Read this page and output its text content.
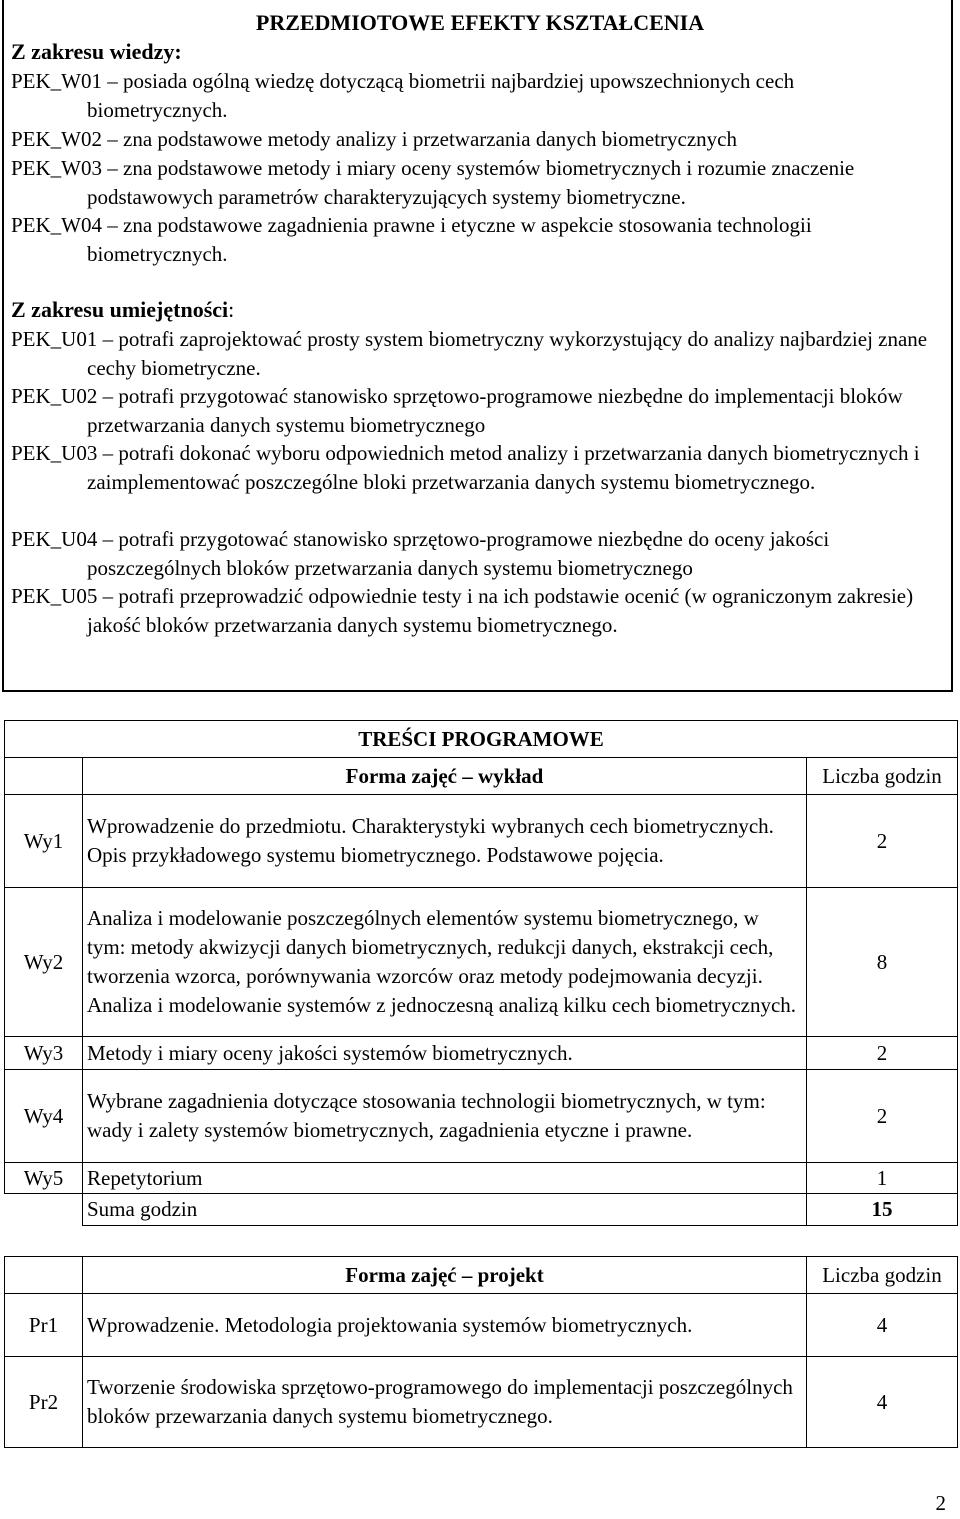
PRZEDMIOTOWE EFEKTY KSZTAŁCENIA

Z zakresu wiedzy:

PEK_W01 – posiada ogólną wiedzę dotyczącą biometrii najbardziej upowszechnionych cech biometrycznych.

PEK_W02 – zna podstawowe metody analizy i przetwarzania danych biometrycznych

PEK_W03 – zna podstawowe metody i miary oceny systemów biometrycznych i rozumie znaczenie podstawowych parametrów charakteryzujących systemy biometryczne.

PEK_W04 – zna podstawowe zagadnienia prawne i etyczne w aspekcie stosowania technologii biometrycznych.

Z zakresu umiejętności:

PEK_U01 – potrafi zaprojektować prosty system biometryczny wykorzystujący do analizy najbardziej znane cechy biometryczne.

PEK_U02 – potrafi przygotować stanowisko sprzętowo-programowe niezbędne do implementacji bloków przetwarzania danych systemu biometrycznego

PEK_U03 – potrafi dokonać wyboru odpowiednich metod analizy i przetwarzania danych biometrycznych i zaimplementować poszczególne bloki przetwarzania danych systemu biometrycznego.

PEK_U04 – potrafi przygotować stanowisko sprzętowo-programowe niezbędne do oceny jakości poszczególnych bloków przetwarzania danych systemu biometrycznego

PEK_U05 – potrafi przeprowadzić odpowiednie testy i na ich podstawie ocenić (w ograniczonym zakresie) jakość bloków przetwarzania danych systemu biometrycznego.

TREŚCI PROGRAMOWE		
	Forma zajęć – wykład	Liczba godzin
Wy1	Wprowadzenie do przedmiotu. Charakterystyki wybranych cech biometrycznych. Opis przykładowego systemu biometrycznego. Podstawowe pojęcia.	2
Wy2	Analiza i modelowanie poszczególnych elementów systemu biometrycznego, w tym: metody akwizycji danych biometrycznych, redukcji danych, ekstrakcji cech, tworzenia wzorca, porównywania wzorców oraz metody podejmowania decyzji. Analiza i modelowanie systemów z jednoczesną analizą kilku cech biometrycznych.	8
Wy3	Metody i miary oceny jakości systemów biometrycznych.	2
Wy4	Wybrane zagadnienia dotyczące stosowania technologii biometrycznych, w tym: wady i zalety systemów biometrycznych, zagadnienia etyczne i prawne.	2
Wy5	Repetytorium	1
	Suma godzin	15
	Forma zajęć – projekt	Liczba godzin
Pr1	Wprowadzenie. Metodologia projektowania systemów biometrycznych.	4
Pr2	Tworzenie środowiska sprzętowo-programowego do implementacji poszczególnych bloków przewarzania danych systemu biometrycznego.	4
2
